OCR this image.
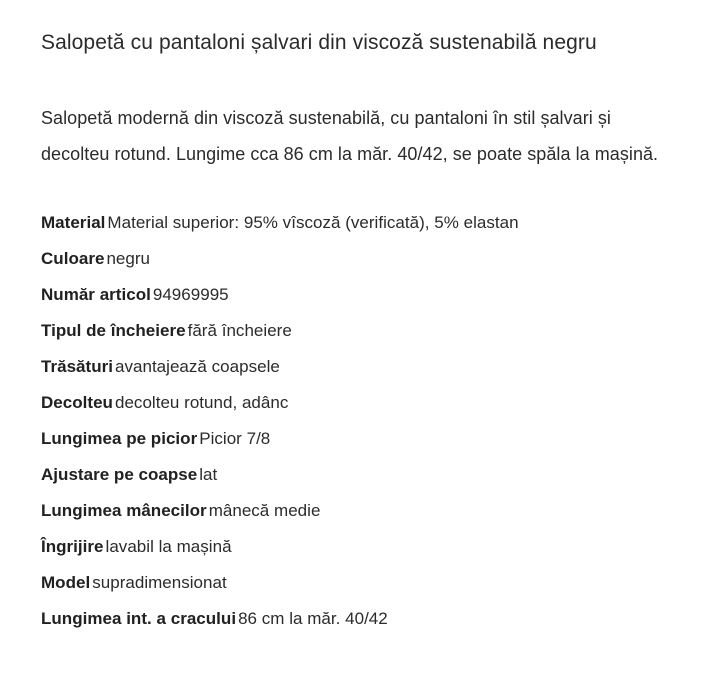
Salopetă cu pantaloni șalvari din viscoză sustenabilă negru

Salopetă modernă din viscoză sustenabilă, cu pantaloni în stil șalvari și decolteu rotund. Lungime cca 86 cm la măr. 40/42, se poate spăla la mașină.

Material Material superior: 95% vîscoză (verificată), 5% elastan
Culoare negru
Număr articol 94969995
Tipul de încheiere fără încheiere
Trăsături avantajează coapsele
Decolteu decolteu rotund, adânc
Lungimea pe picior Picior 7/8
Ajustare pe coapse lat
Lungimea mânecilor mânecă medie
Îngrijire lavabil la mașină
Model supradimensionat
Lungimea int. a cracului 86 cm la măr. 40/42
